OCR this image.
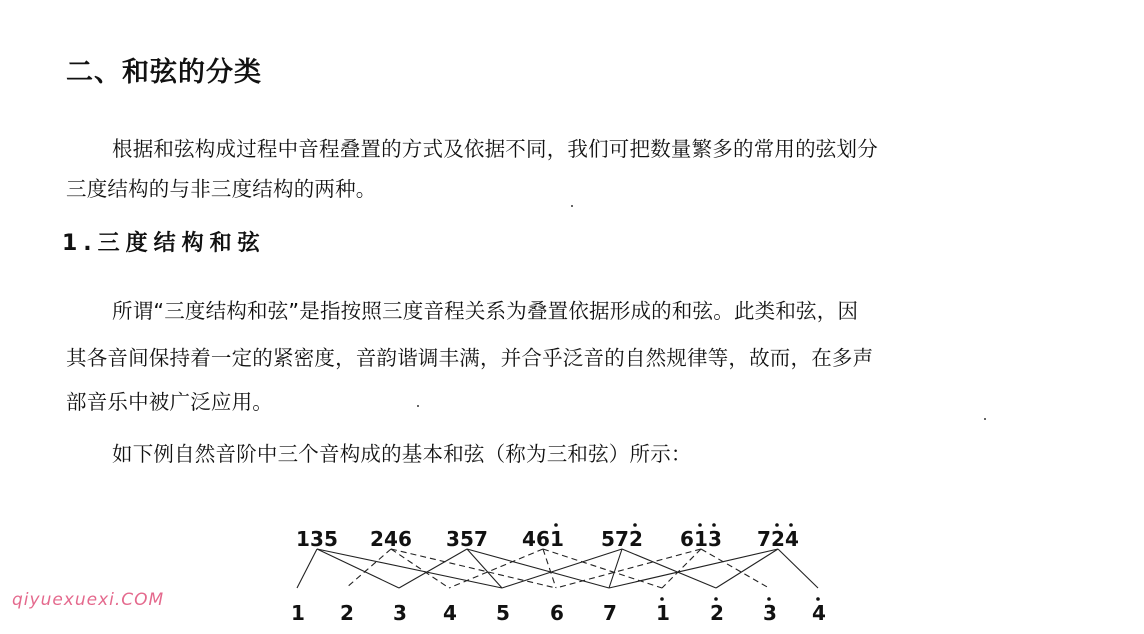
二、和弦的分类
根据和弦构成过程中音程叠置的方式及依据不同，我们可把数量繁多的常用的弦划分
三度结构的与非三度结构的两种。
1.三度结构和弦
所谓“三度结构和弦”是指按照三度音程关系为叠置依据形成的和弦。此类和弦，因
其各音间保持着一定的紧密度，音韵谐调丰满，并合乎泛音的自然规律等，故而，在多声
部音乐中被广泛应用。
如下例自然音阶中三个音构成的基本和弦（称为三和弦）所示：
1 3 5 2 4 6 3 5 7 4 6 1 5 7 2 6 1 3 7 2 4
1 2 3 4 5 6 7 1 2 3 4
qiyuexuexi.COM
